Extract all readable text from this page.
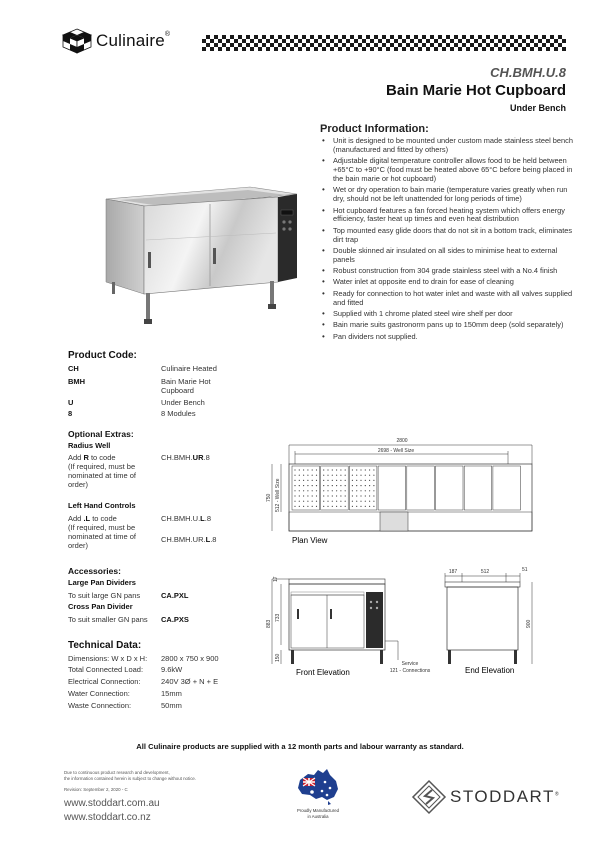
Culinaire®
CH.BMH.U.8
Bain Marie Hot Cupboard
Under Bench
Product Information:
• Unit is designed to be mounted under custom made stainless steel bench (manufactured and fitted by others)
• Adjustable digital temperature controller allows food to be held between +65°C to +90°C (food must be heated above 65°C before being placed in the bain marie or hot cupboard)
• Wet or dry operation to bain marie (temperature varies greatly when run dry, should not be left unattended for long periods of time)
• Hot cupboard features a fan forced heating system which offers energy efficiency, faster heat up times and even heat distribution
• Top mounted easy glide doors that do not sit in a bottom track, eliminates dirt trap
• Double skinned air insulated on all sides to minimise heat to external panels
• Robust construction from 304 grade stainless steel with a No.4 finish
• Water inlet at opposite end to drain for ease of cleaning
• Ready for connection to hot water inlet and waste with all valves supplied and fitted
• Supplied with 1 chrome plated steel wire shelf per door
• Bain marie suits gastronorm pans up to 150mm deep (sold separately)
• Pan dividers not supplied.
Product Code:
CH	Culinaire Heated
BMH	Bain Marie Hot Cupboard
U	Under Bench
8	8 Modules
Optional Extras:
Radius Well
Add R to code
(If required, must be nominated at time of order)
CH.BMH.UR.8
Left Hand Controls
Add .L to code
(If required, must be nominated at time of order)
CH.BMH.U.L.8
CH.BMH.UR.L.8
Accessories:
Large Pan Dividers
To suit large GN pans	CA.PXL
Cross Pan Divider
To suit smaller GN pans CA.PXS
Technical Data:
Dimensions: W x D x H: 2800 x 750 x 900
Total Connected Load: 9.6kW
Electrical Connection:	240V 3Ø + N + E
Water Connection:	15mm
Waste Connection:	50mm
2800
2698 - Well Size
750 512 - Well Size
Plan View
17
883
733
150
Front Elevation
Service
121 - Connections
187	512	51
900
End Elevation
All Culinaire products are supplied with a 12 month parts and labour warranty as standard.
Due to continuous product research and development,
the information contained herein is subject to change without notice.
Revision: September 2, 2020 - C
www.stoddart.com.au
www.stoddart.co.nz
Proudly Manufactured
in Australia
STODDART®
